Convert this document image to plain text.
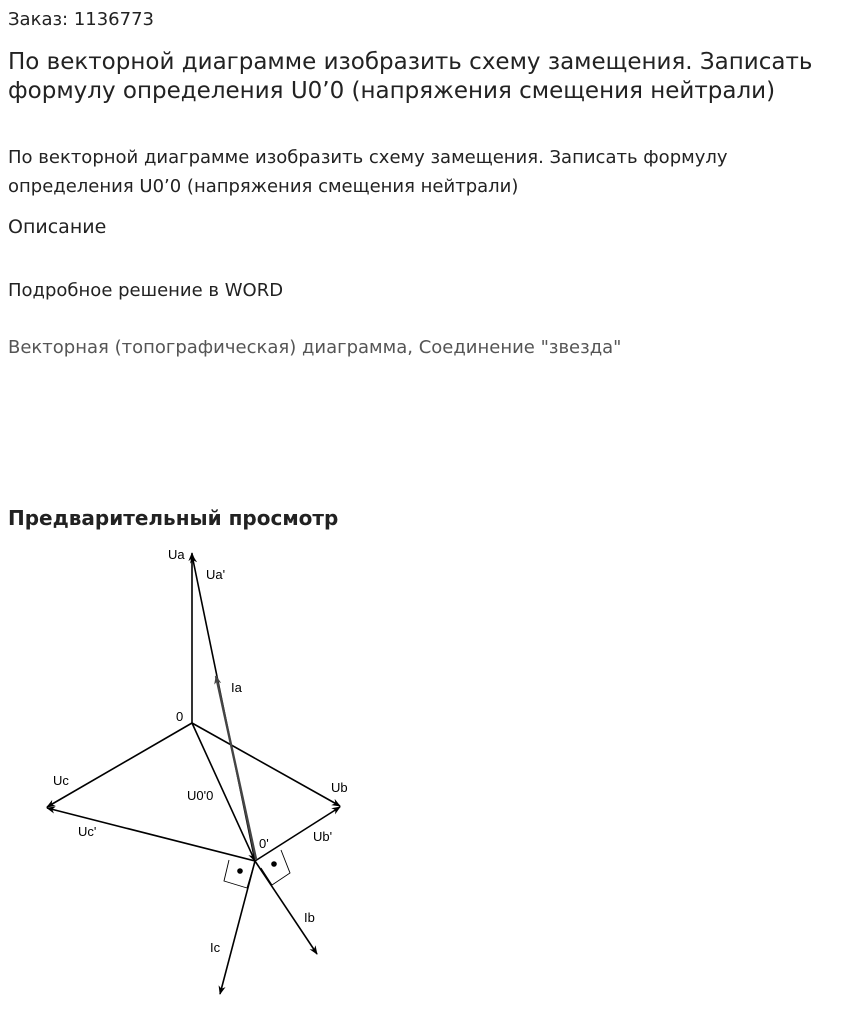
Заказ: 1136773
По векторной диаграмме изобразить схему замещения. Записать формулу определения U0’0 (напряжения смещения нейтрали)

По векторной диаграмме изобразить схему замещения. Записать формулу определения U0’0 (напряжения смещения нейтрали)

Описание
Подробное решение в WORD
Векторная (топографическая) диаграмма, Соединение "звезда"
Предварительный просмотр
Ua
Ua'
Ia
0
Uc	Ub
U0'0
0'
Uc'	Ub'
Ib
Ic
